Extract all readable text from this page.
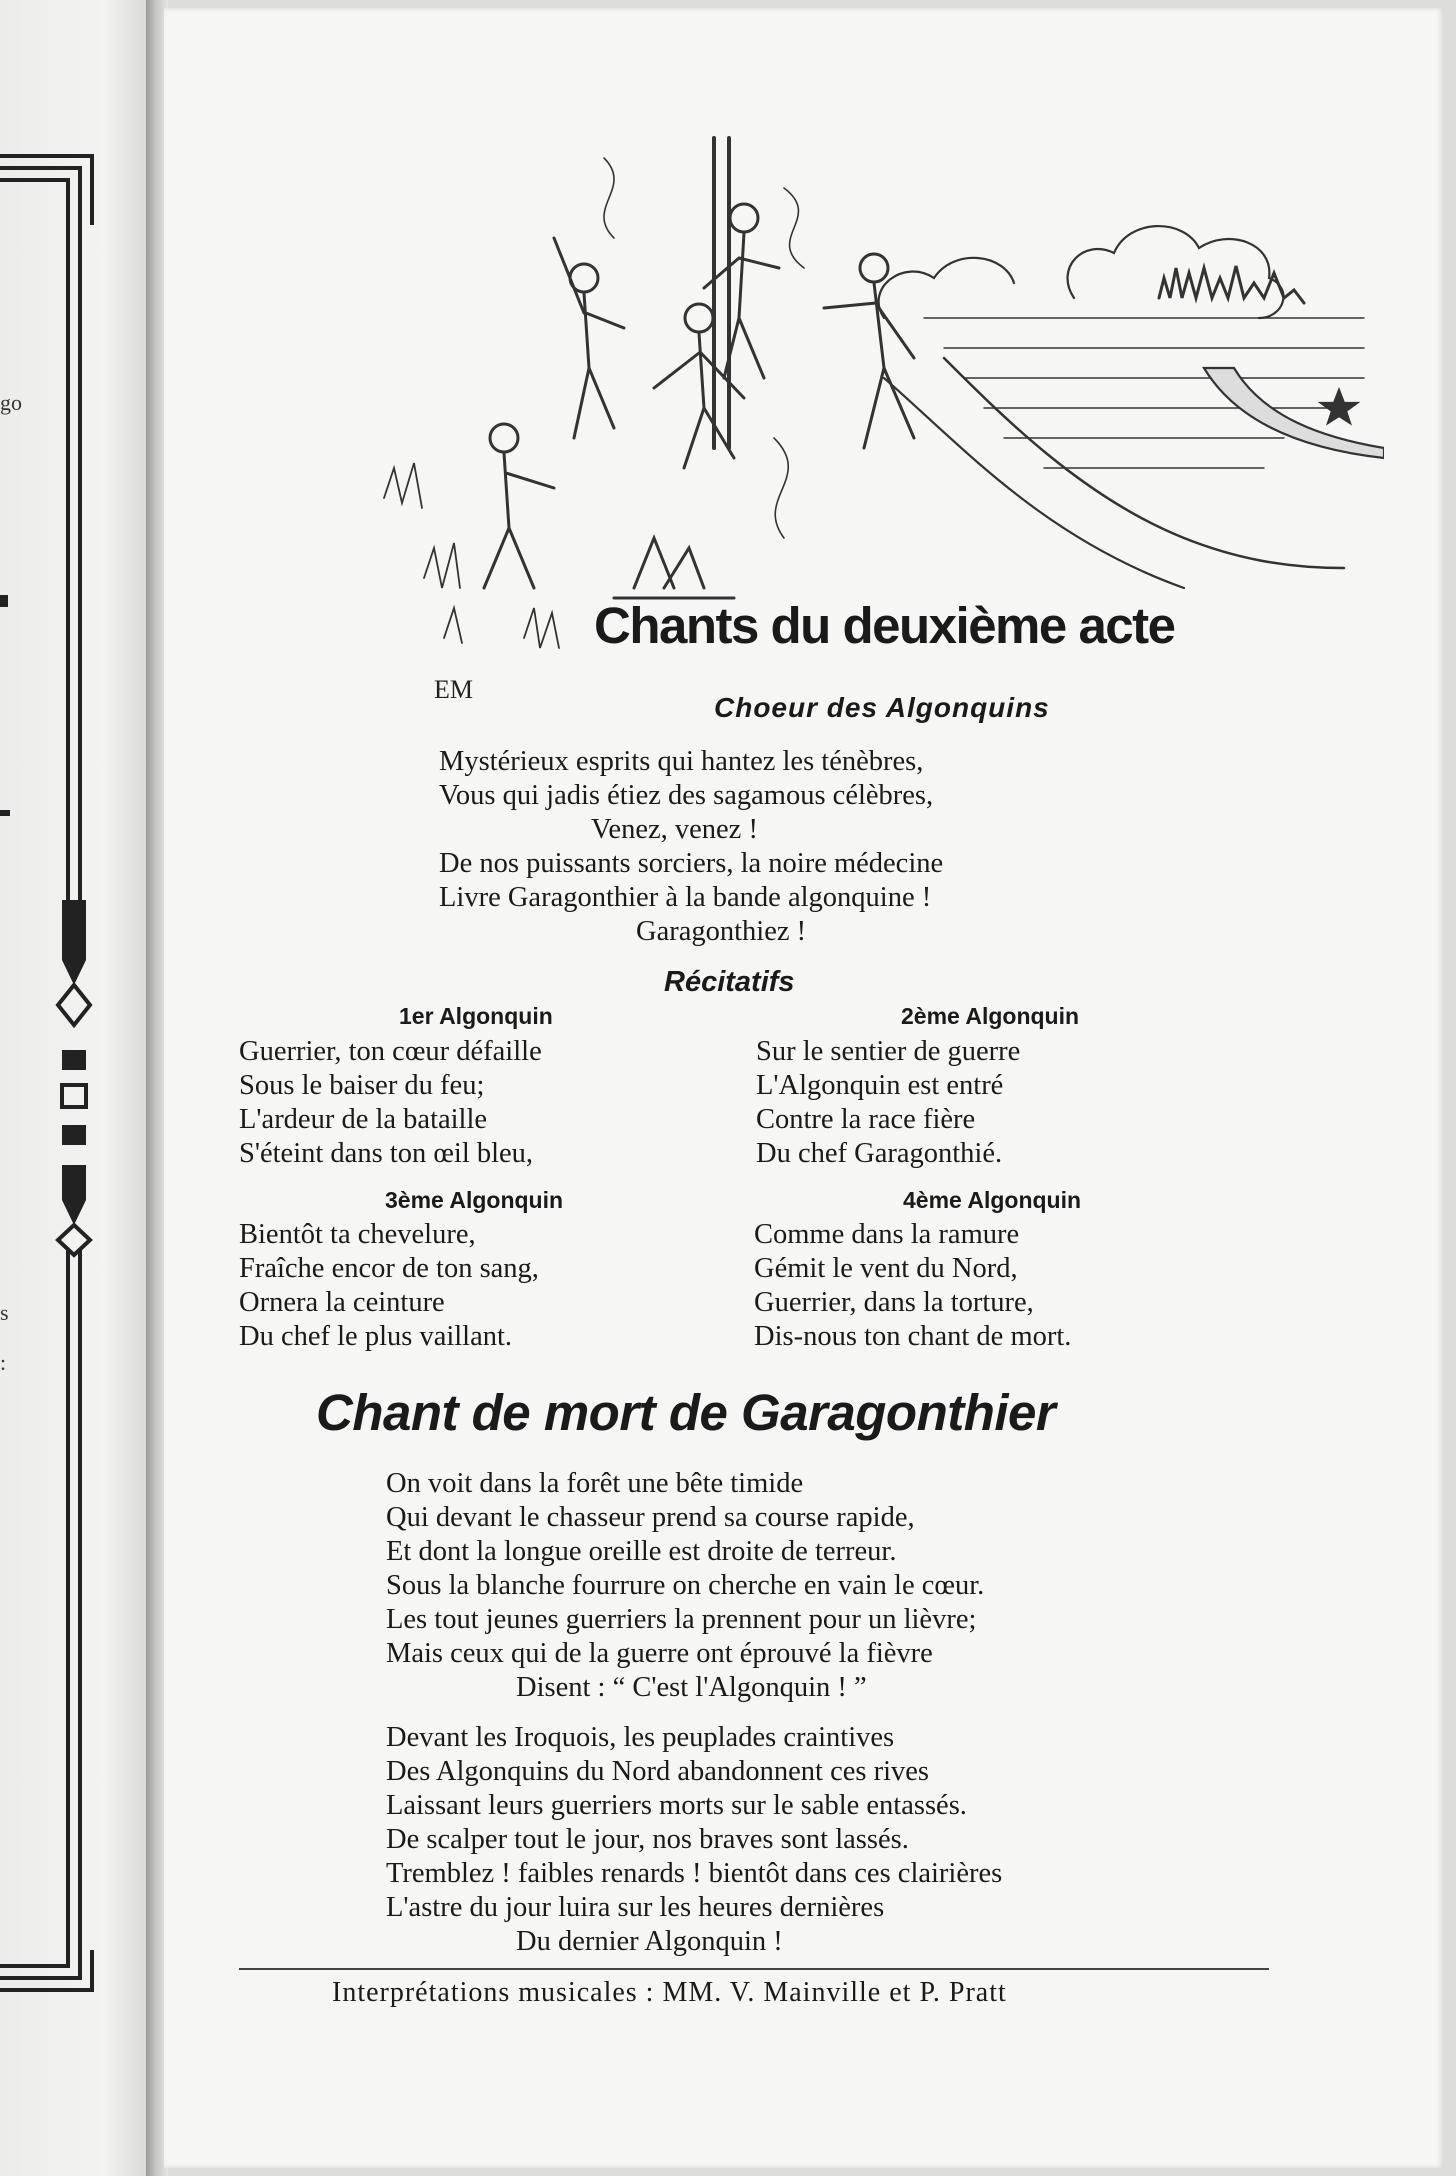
go
s
:
EM
Chants du deuxième acte
Choeur des Algonquins
Mystérieux esprits qui hantez les ténèbres,
Vous qui jadis étiez des sagamous célèbres,
Venez, venez !
De nos puissants sorciers, la noire médecine
Livre Garagonthier à la bande algonquine !
Garagonthiez !
Récitatifs
1er Algonquin	2ème Algonquin
Guerrier, ton cœur défaille
Sous le baiser du feu;
L'ardeur de la bataille
S'éteint dans ton œil bleu,
Sur le sentier de guerre
L'Algonquin est entré
Contre la race fière
Du chef Garagonthié.
3ème Algonquin	4ème Algonquin
Bientôt ta chevelure,
Fraîche encor de ton sang,
Ornera la ceinture
Du chef le plus vaillant.
Comme dans la ramure
Gémit le vent du Nord,
Guerrier, dans la torture,
Dis-nous ton chant de mort.
Chant de mort de Garagonthier
On voit dans la forêt une bête timide
Qui devant le chasseur prend sa course rapide,
Et dont la longue oreille est droite de terreur.
Sous la blanche fourrure on cherche en vain le cœur.
Les tout jeunes guerriers la prennent pour un lièvre;
Mais ceux qui de la guerre ont éprouvé la fièvre
Disent : “ C'est l'Algonquin ! ”
Devant les Iroquois, les peuplades craintives
Des Algonquins du Nord abandonnent ces rives
Laissant leurs guerriers morts sur le sable entassés.
De scalper tout le jour, nos braves sont lassés.
Tremblez ! faibles renards ! bientôt dans ces clairières
L'astre du jour luira sur les heures dernières
Du dernier Algonquin !
Interprétations musicales : MM. V. Mainville et P. Pratt
